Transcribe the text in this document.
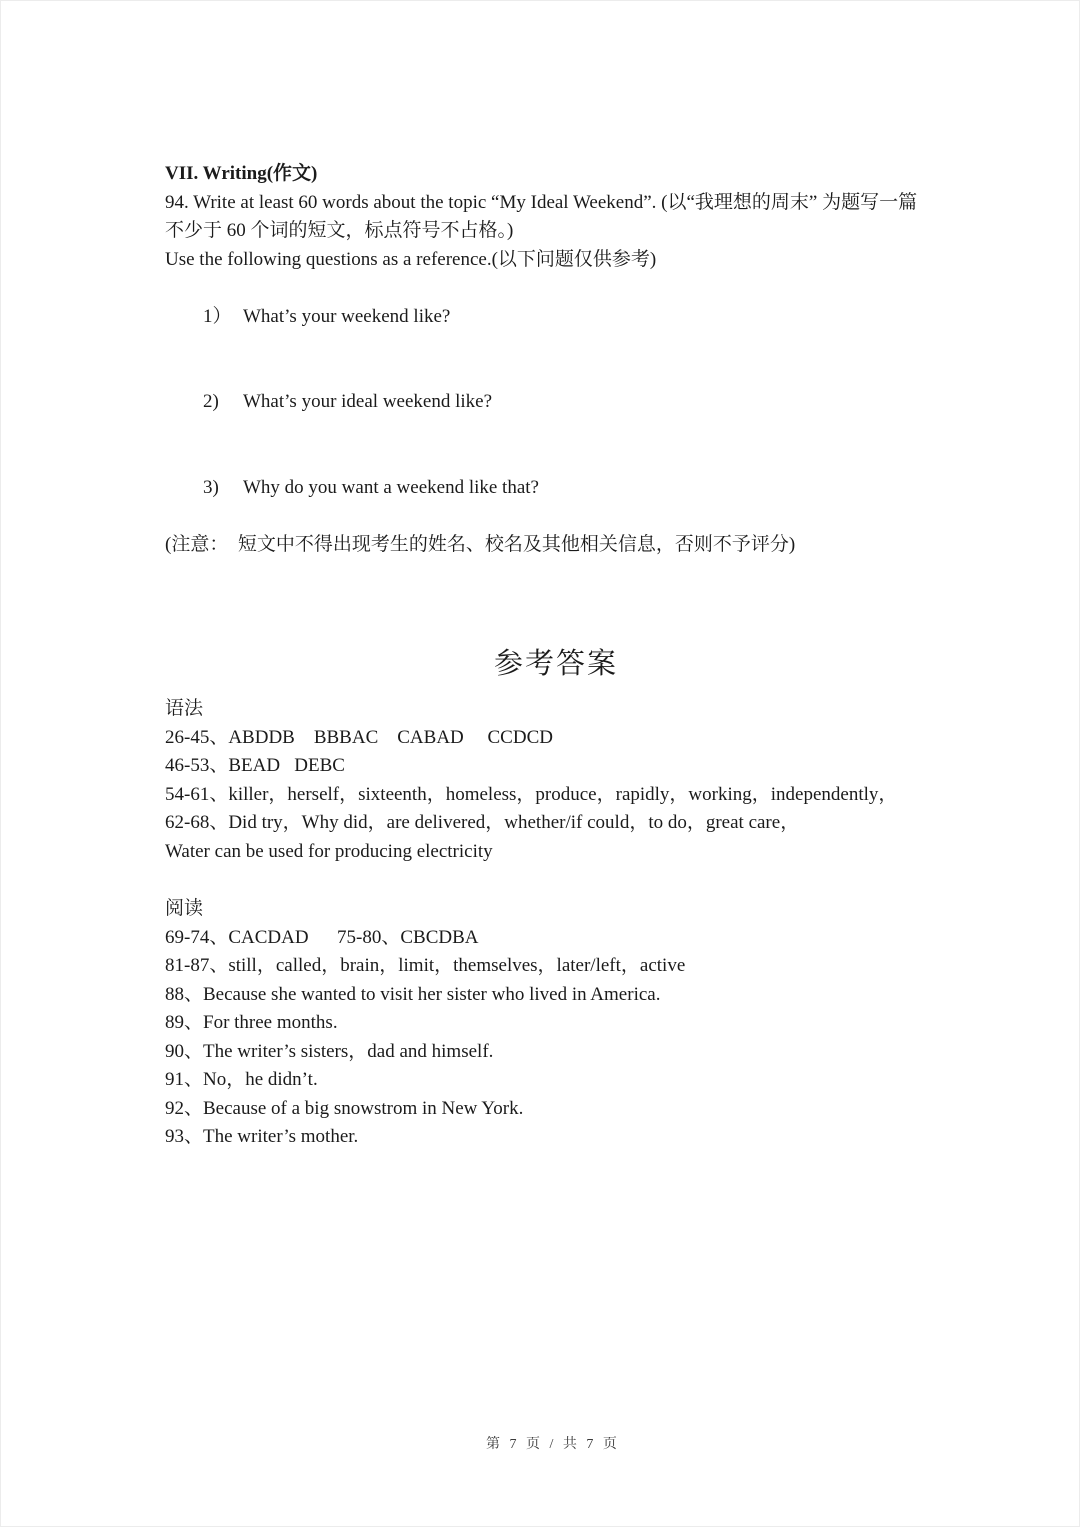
VII. Writing(作文)
94. Write at least 60 words about the topic “My Ideal Weekend”. (以“我理想的周末” 为题写一篇
不少于 60 个词的短文，标点符号不占格。)
Use the following questions as a reference.(以下问题仅供参考)

1） What’s your weekend like?

2) What’s your ideal weekend like?

3) Why do you want a weekend like that?

(注意：  短文中不得出现考生的姓名、校名及其他相关信息，否则不予评分)
参考答案
语法
26-45、ABDDB    BBBAC    CABAD     CCDCD
46-53、BEAD   DEBC
54-61、killer，herself，sixteenth，homeless，produce，rapidly，working，independently，
62-68、Did try，Why did，are delivered，whether/if could，to do，great care，
Water can be used for producing electricity
阅读
69-74、CACDAD      75-80、CBCDBA
81-87、still，called，brain，limit，themselves，later/left，active
88、Because she wanted to visit her sister who lived in America.
89、For three months.
90、The writer’s sisters，dad and himself.
91、No，he didn’t.
92、Because of a big snowstrom in New York.
93、The writer’s mother.

第 7 页 / 共 7 页
